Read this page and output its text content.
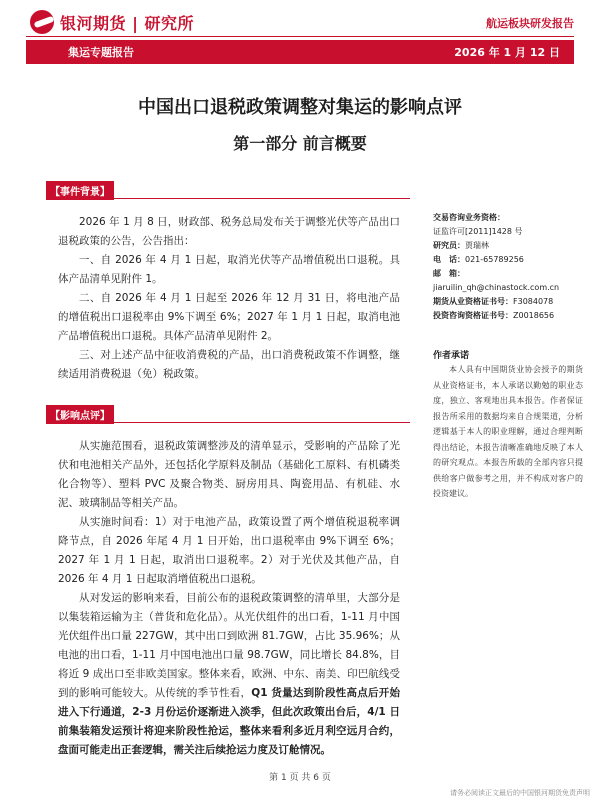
银河期货 | 研究所	航运板块研发报告
集运专题报告	2026 年 1 月 12 日
中国出口退税政策调整对集运的影响点评
第一部分 前言概要
【事件背景】

2026 年 1 月 8 日，财政部、税务总局发布关于调整光伏等产品出口退税政策的公告，公告指出：

一、自 2026 年 4 月 1 日起，取消光伏等产品增值税出口退税。具体产品清单见附件 1。

二、自 2026 年 4 月 1 日起至 2026 年 12 月 31 日，将电池产品的增值税出口退税率由 9%下调至 6%；2027 年 1 月 1 日起，取消电池产品增值税出口退税。具体产品清单见附件 2。

三、对上述产品中征收消费税的产品，出口消费税政策不作调整，继续适用消费税退（免）税政策。

【影响点评】

从实施范围看，退税政策调整涉及的清单显示，受影响的产品除了光伏和电池相关产品外，还包括化学原料及制品（基础化工原料、有机磷类化合物等）、塑料 PVC 及聚合物类、厨房用具、陶瓷用品、有机硅、水泥、玻璃制品等相关产品。

从实施时间看：1）对于电池产品，政策设置了两个增值税退税率调降节点，自 2026 年尾 4 月 1 日开始，出口退税率由 9%下调至 6%；2027 年 1 月 1 日起，取消出口退税率。2）对于光伏及其他产品，自 2026 年 4 月 1 日起取消增值税出口退税。

从对发运的影响来看，目前公布的退税政策调整的清单里，大部分是以集装箱运输为主（普货和危化品）。从光伏组件的出口看，1-11 月中国光伏组件出口量 227GW，其中出口到欧洲 81.7GW，占比 35.96%；从电池的出口看，1-11 月中国电池出口量 98.7GW，同比增长 84.8%，目将近 9 成出口至非欧美国家。整体来看，欧洲、中东、南美、印巴航线受到的影响可能较大。从传统的季节性看，Q1 货量达到阶段性高点后开始进入下行通道，2-3 月份运价逐渐进入淡季，但此次政策出台后，4/1 日前集装箱发运预计将迎来阶段性抢运，整体来看利多近月利空远月合约，盘面可能走出正套逻辑，需关注后续抢运力度及订舱情况。

交易咨询业务资格：
证监许可[2011]1428 号
研究员：贾瑞林
电　话：021-65789256
邮　箱：
jiaruilin_qh@chinastock.com.cn
期货从业资格证书号：F3084078
投资咨询资格证书号：Z0018656
作者承诺

本人具有中国期货业协会授予的期货从业资格证书，本人承诺以勤勉的职业态度，独立、客观地出具本报告。作者保证报告所采用的数据均来自合规渠道，分析逻辑基于本人的职业理解，通过合理判断得出结论，本报告清晰准确地反映了本人的研究观点。本报告所载的全部内容只提供给客户做参考之用，并不构成对客户的投资建议。

第 1 页 共 6 页
请务必阅读正文最后的中国银河期货免责声明
